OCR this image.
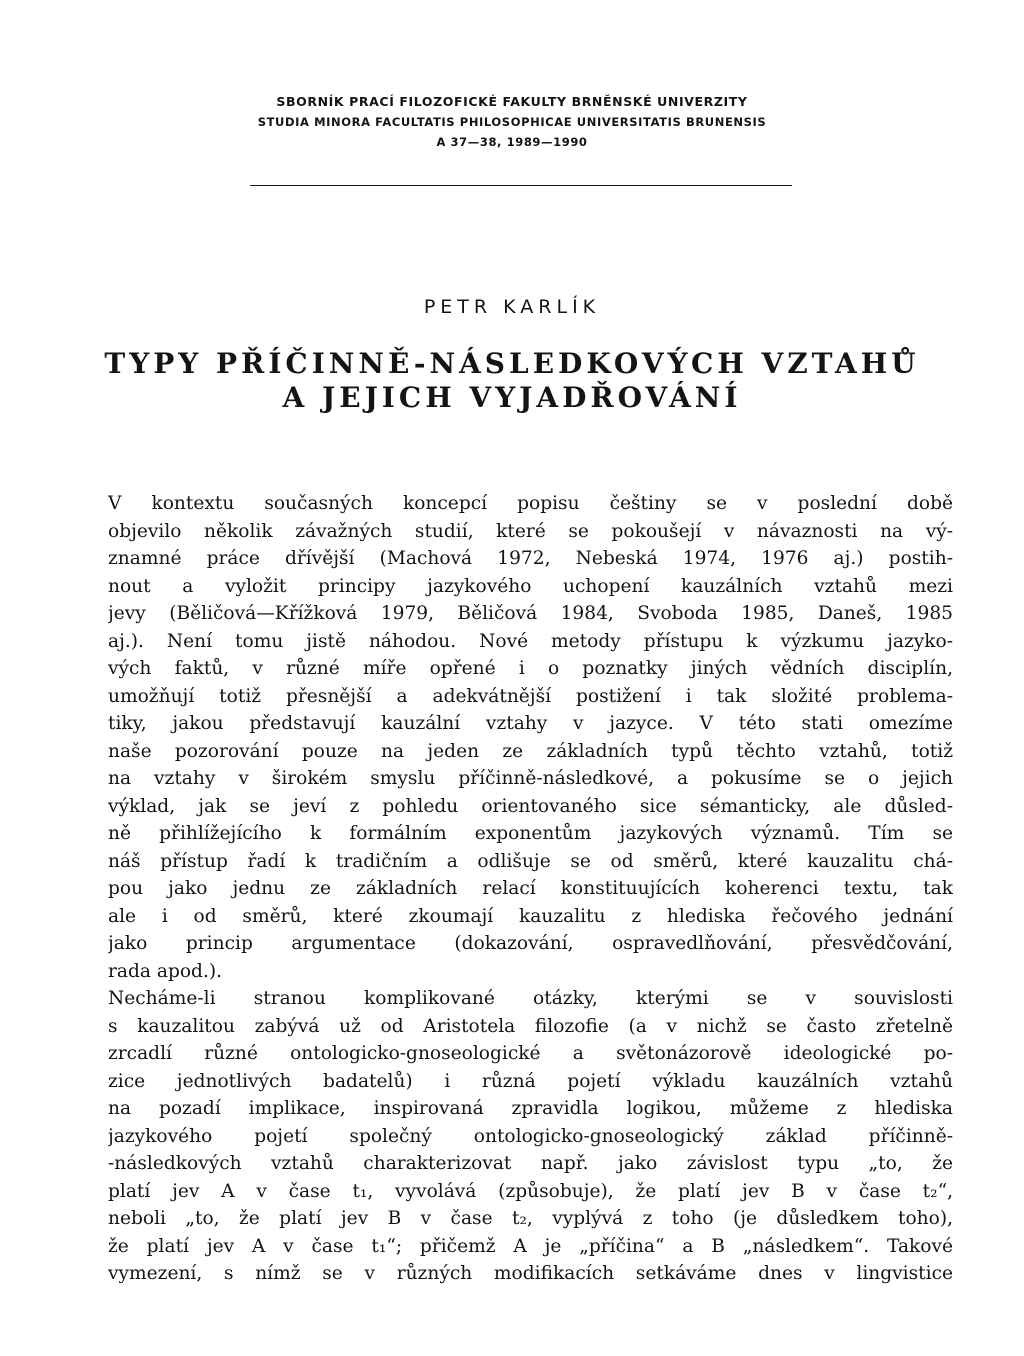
SBORNÍK PRACÍ FILOZOFICKÉ FAKULTY BRNĚNSKÉ UNIVERZITY
STUDIA MINORA FACULTATIS PHILOSOPHICAE UNIVERSITATIS BRUNENSIS
A 37—38, 1989—1990
PETR KARLÍK
TYPY PŘÍČINNĚ-NÁSLEDKOVÝCH VZTAHŮ
A JEJICH VYJADŘOVÁNÍ
V kontextu současných koncepcí popisu češtiny se v poslední době
objevilo několik závažných studií, které se pokoušejí v návaznosti na vý-
znamné práce dřívější (Machová 1972, Nebeská 1974, 1976 aj.) postih-
nout a vyložit principy jazykového uchopení kauzálních vztahů mezi
jevy (Běličová—Křížková 1979, Běličová 1984, Svoboda 1985, Daneš, 1985
aj.). Není tomu jistě náhodou. Nové metody přístupu k výzkumu jazyko-
vých faktů, v různé míře opřené i o poznatky jiných vědních disciplín,
umožňují totiž přesnější a adekvátnější postižení i tak složité problema-
tiky, jakou představují kauzální vztahy v jazyce. V této stati omezíme
naše pozorování pouze na jeden ze základních typů těchto vztahů, totiž
na vztahy v širokém smyslu příčinně-následkové, a pokusíme se o jejich
výklad, jak se jeví z pohledu orientovaného sice sémanticky, ale důsled-
ně přihlížejícího k formálním exponentům jazykových významů. Tím se
náš přístup řadí k tradičním a odlišuje se od směrů, které kauzalitu chá-
pou jako jednu ze základních relací konstituujících koherenci textu, tak
ale i od směrů, které zkoumají kauzalitu z hlediska řečového jednání
jako princip argumentace (dokazování, ospravedlňování, přesvědčování,
rada apod.).
Necháme-li stranou komplikované otázky, kterými se v souvislosti
s kauzalitou zabývá už od Aristotela filozofie (a v nichž se často zřetelně
zrcadlí různé ontologicko-gnoseologické a světonázorově ideologické po-
zice jednotlivých badatelů) i různá pojetí výkladu kauzálních vztahů
na pozadí implikace, inspirovaná zpravidla logikou, můžeme z hlediska
jazykového pojetí společný ontologicko-gnoseologický základ příčinně-
-následkových vztahů charakterizovat např. jako závislost typu „to, že
platí jev A v čase t₁, vyvolává (způsobuje), že platí jev B v čase t₂“,
neboli „to, že platí jev B v čase t₂, vyplývá z toho (je důsledkem toho),
že platí jev A v čase t₁“; přičemž A je „příčina“ a B „následkem“. Takové
vymezení, s nímž se v různých modifikacích setkáváme dnes v lingvistice
